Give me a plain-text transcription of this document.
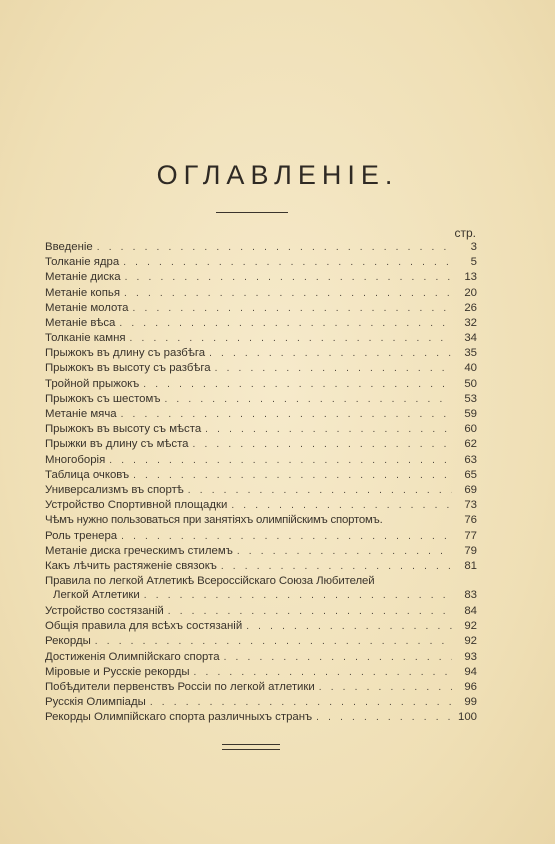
ОГЛАВЛЕНIЕ.
стр.
Введенiе . . .	3
Толканiе ядра . . .	5
Метанiе диска . . .	13
Метанiе копья . . .	20
Метанiе молота . . .	26
Метанiе вѣса . . .	32
Толканiе камня . . .	34
Прыжокъ въ длину съ разбѣга . . .	35
Прыжокъ въ высоту съ разбѣга . . .	40
Тройной прыжокъ . . .	50
Прыжокъ съ шестомъ . . .	53
Метанiе мяча . . .	59
Прыжокъ въ высоту съ мѣста . . .	60
Прыжки въ длину съ мѣста . . .	62
Многоборiя . . .	63
Таблица очковъ . . .	65
Универсализмъ въ спортѣ . . .	69
Устройство Спортивной площадки . . .	73
Чѣмъ нужно пользоваться при занятiяхъ олимпiйскимъ спортомъ.	76
Роль тренера . . .	77
Метанiе диска греческимъ стилемъ . . .	79
Какъ лѣчить растяженiе связокъ . . .	81
Правила по легкой Атлетикѣ Всероссiйскаго Союза Любителей
Легкой Атлетики . . .	83
Устройство состязанiй . . .	84
Общiя правила для всѣхъ состязанiй . . .	92
Рекорды . . .	92
Достиженiя Олимпiйскаго спорта . . .	93
Мiровые и Русскiе рекорды . . .	94
Побѣдители первенствъ Россiи по легкой атлетики . . .	96
Русскiя Олимпiады . . .	99
Рекорды Олимпiйскаго спорта различныхъ странъ . . .	100
